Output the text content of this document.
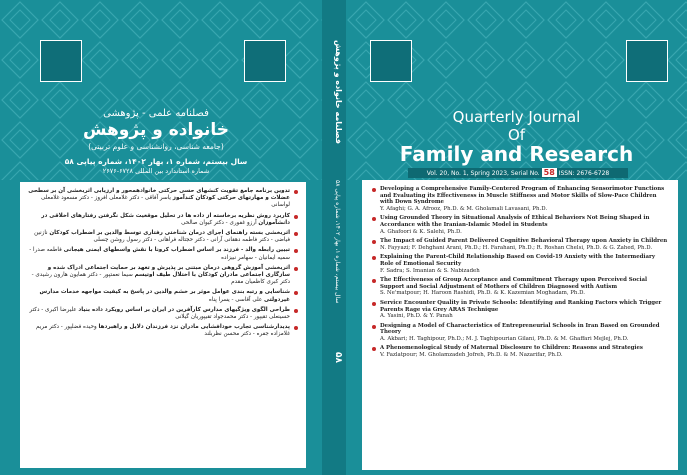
فصلنامه علمی - پژوهشی
خانواده و پژوهش
(جامعه شناسی، روانشناسی و علوم تربیتی)
سال بیستم، شماره ۱، بهار ۱۴۰۲، شماره پیاپی ۵۸
شماره استاندارد بین المللی ۶۷۲۸-۲۶۷۶
تدوین برنامه جامع تقویت کنشهای حسی حرکتی خانوادهمحور و ارزیابی اثربخشی آن بر سطحی عضلات و مهارتهای حرکتی کودکان کندآموز یاسر آفاقی - دکتر غلامعلی افروز - دکتر مسعود غلامعلی لواسانی
کاربرد روش نظریه برخاسته از داده ها در تحلیل موقعیت شکل نگرفتن رفتارهای اخلاقی در دانشآموزان آرزو غفوری - دکتر کیوان صالحی
اثربخشی بسته راهنمای اجرای درمان شناختی رفتاری توسط والدین بر اضطراب کودکان نازنین فیاضی - دکتر فاطمه دهقانی آرانی - دکتر حجتاله فراهانی - دکتر رسول روشن چسلی
تبیین رابطه والد - فرزند بر اساس اضطراب کرونا با نقش واسطهای ایمنی هیجانی فاطمه صدرا - سمیه ایمانیان - سهامر نبیزاده
اثربخشی آموزش گروهی درمان مبتنی بر پذیرش و تعهد بر حمایت اجتماعی ادراک شده و سازگاری اجتماعی مادران کودکان با اختلال طیف اوتیسم سیما نعمتپور - دکتر همایون هارون رشیدی - دکتر کبری کاظمیان مقدم
شناسایی و رتبه بندی عوامل موثر بر خشم والدین در پاسخ به کیفیت مواجهه خدمات مدارس غیردولتی علی آقاسی - یسرا پناه
طراحی الگوی ویژگیهای مدارس کارآفرین در ایران بر اساس رویکرد داده بنیاد علیرضا اکبری - دکتر حسینعلی تقیپور - دکتر محمدجواد تقیپوریان گیلانی
پدیدارشناسی تجارب خودافشایی مادران نزد فرزندان دلایل و راهبردها وحیده فضلپور - دکتر مریم غلامزاده جفره - دکتر محسن نظربلند
فصلنامه خانواده و پژوهش
سال بیستم، شماره ۱، بهار ۱۴۰۲، شماره پیاپی ۵۸
۵۸
Quarterly Journal
Of
Family and Research
Vol. 20, No. 1, Spring 2023, Serial No. 58 ISSN: 2676-6728
Developing a Comprehensive Family-Centered Program of Enhancing Sensorimotor Functions and Evaluating its Effectiveness in Muscle Stiffness and Motor Skills of Slow-Pace Children with Down Syndrome
Y. Afaghi; G. A. Afrooz, Ph.D. & M. Gholamali Lavasani, Ph.D.
Using Grounded Theory in Situational Analysis of Ethical Behaviors Not Being Shaped in Accordance with the Iranian-Islamic Model in Students
A. Ghafoori & K. Salehi, Ph.D.
The Impact of Guided Parent Delivered Cognitive Behavioral Therapy upon Anxiety in Children
N. Fayyazi; F. Dehghani Arani, Ph.D.; H. Farahani, Ph.D.; R. Roshan Chelsi, Ph.D. & G. Zahed, Ph.D.
Explaining the Parent-Child Relationship Based on Covid-19 Anxiety with the Intermediary Role of Emotional Security
F. Sadra; S. Imanian & S. Nabizadeh
The Effectiveness of Group Acceptance and Commitment Therapy upon Perceived Social Support and Social Adjustment of Mothers of Children Diagnosed with Autism
S. Ne'matpour; H. Haroon Rashidi, Ph.D. & K. Kazemian Moghadam, Ph.D.
Service Encounter Quality in Private Schools: Identifying and Ranking Factors which Trigger Parents Rage via Grey ARAS Technique
A. Yasini, Ph.D. & Y. Panah
Designing a Model of Characteristics of Entrepreneurial Schools in Iran Based on Grounded Theory
A. Akbari; H. Taghipour, Ph.D.; M. J. Taghipourian Gilani, Ph.D. & M. Ghaffari Mejlej, Ph.D.
A Phenomenological Study of Maternal Disclosure to Children: Reasons and Strategies
V. Fazlatpour; M. Gholamzadeh Jofreh, Ph.D. & M. Nazarifar, Ph.D.
